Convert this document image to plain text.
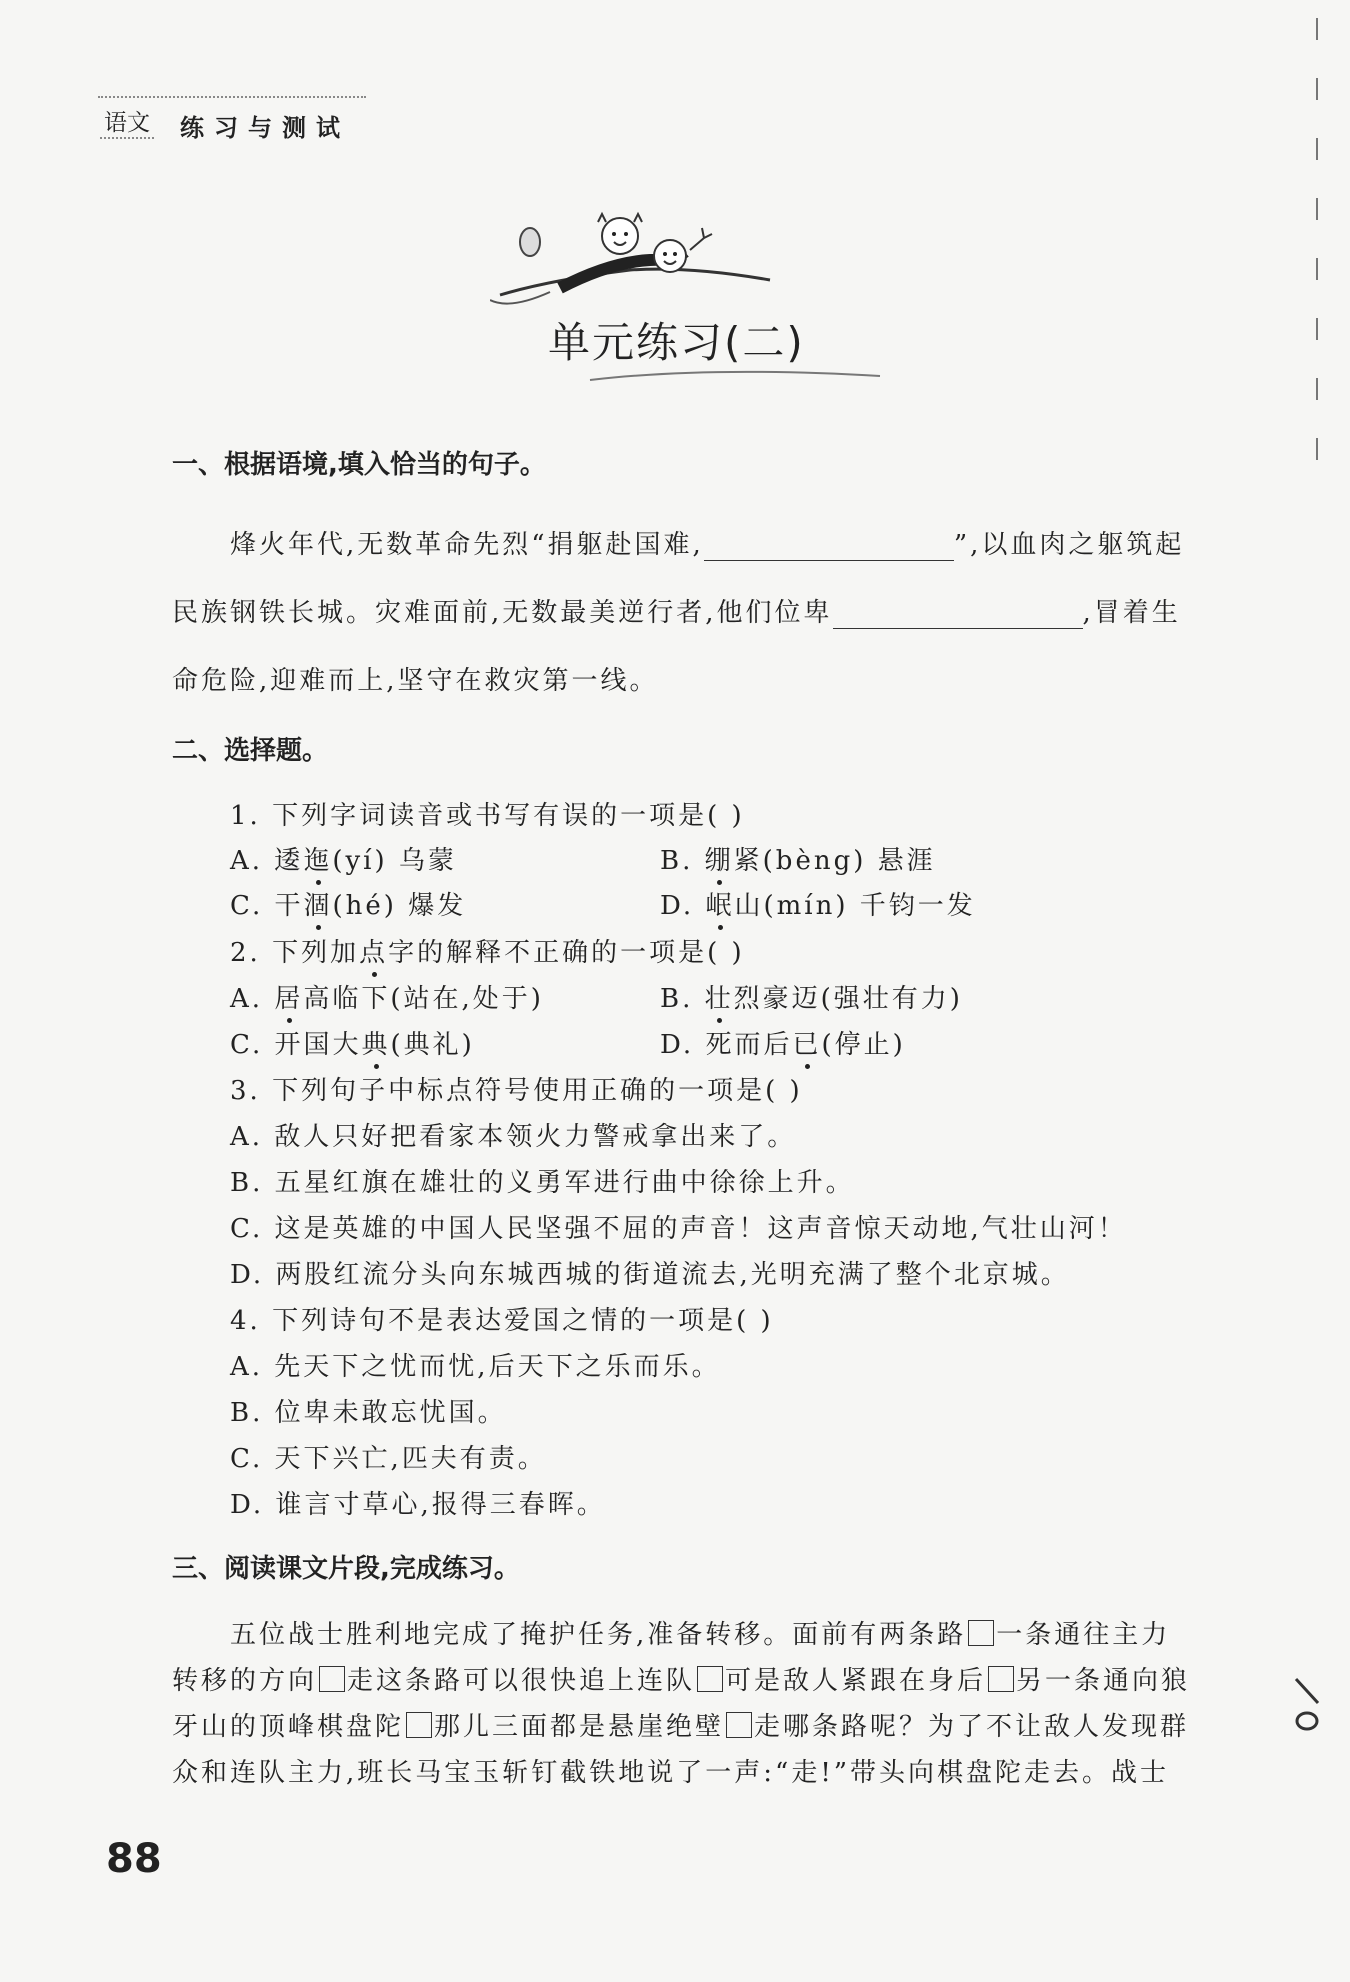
语文 练习与测试
单元练习(二)
一、根据语境,填入恰当的句子。
烽火年代,无数革命先烈“捐躯赴国难,	”,以血肉之躯筑起
民族钢铁长城。灾难面前,无数最美逆行者,他们位卑	,冒着生
命危险,迎难而上,坚守在救灾第一线。
二、选择题。
1. 下列字词读音或书写有误的一项是( )
A. 逶迤(yí) 乌蒙	B. 绷紧(bèng) 悬涯
C. 干涸(hé) 爆发	D. 岷山(mín) 千钧一发
2. 下列加点字的解释不正确的一项是( )
A. 居高临下(站在,处于)	B. 壮烈豪迈(强壮有力)
C. 开国大典(典礼)	D. 死而后已(停止)
3. 下列句子中标点符号使用正确的一项是( )
A. 敌人只好把看家本领火力警戒拿出来了。
B. 五星红旗在雄壮的义勇军进行曲中徐徐上升。
C. 这是英雄的中国人民坚强不屈的声音！这声音惊天动地,气壮山河！
D. 两股红流分头向东城西城的街道流去,光明充满了整个北京城。
4. 下列诗句不是表达爱国之情的一项是( )
A. 先天下之忧而忧,后天下之乐而乐。
B. 位卑未敢忘忧国。
C. 天下兴亡,匹夫有责。
D. 谁言寸草心,报得三春晖。
三、阅读课文片段,完成练习。
五位战士胜利地完成了掩护任务,准备转移。面前有两条路 一条通往主力
转移的方向 走这条路可以很快追上连队 可是敌人紧跟在身后 另一条通向狼
牙山的顶峰棋盘陀 那儿三面都是悬崖绝壁 走哪条路呢？为了不让敌人发现群
众和连队主力,班长马宝玉斩钉截铁地说了一声:“走!”带头向棋盘陀走去。战士
88
